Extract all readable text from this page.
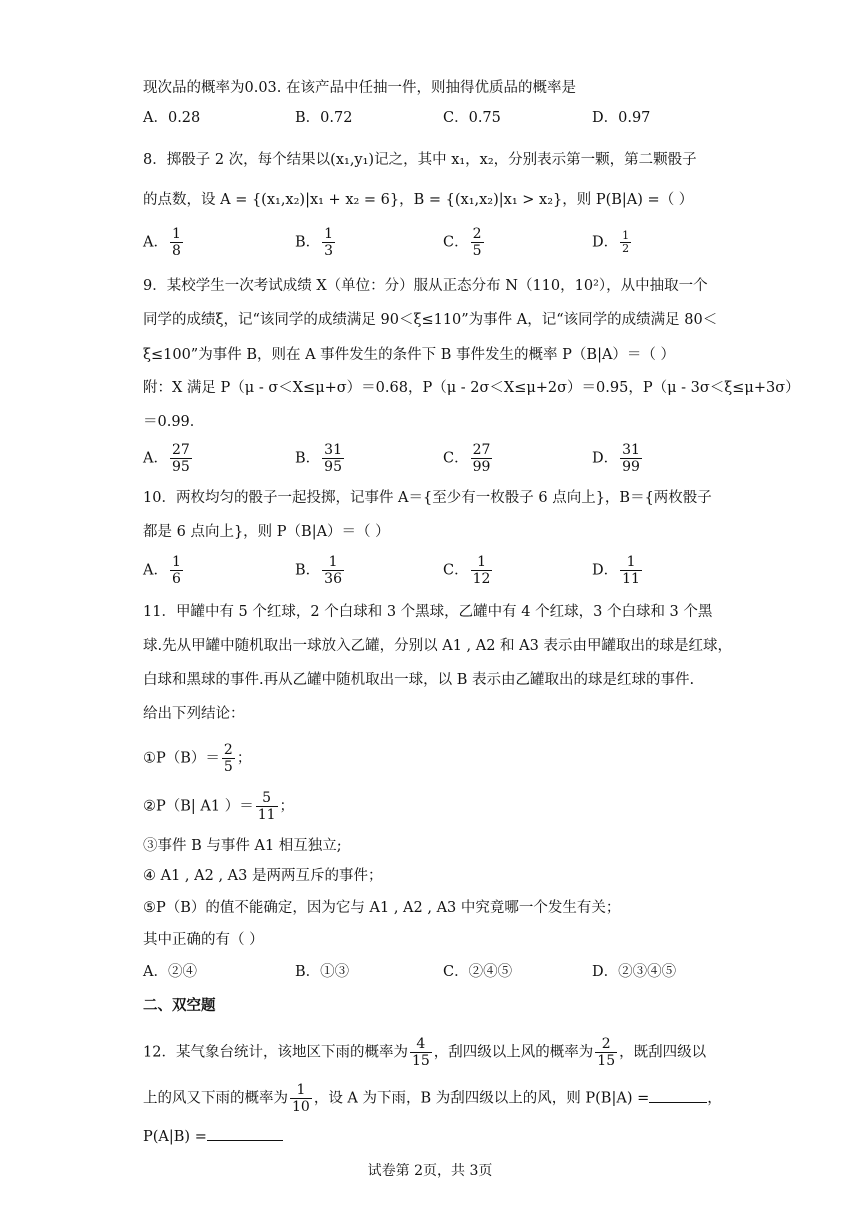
现次品的概率为0.03. 在该产品中任抽一件，则抽得优质品的概率是
A．0.28	B．0.72	C．0.75	D．0.97
8．掷骰子 2 次，每个结果以(x₁,y₁)记之，其中 x₁，x₂，分别表示第一颗，第二颗骰子
的点数，设 A = {(x₁,x₂)|x₁ + x₂ = 6}，B = {(x₁,x₂)|x₁ > x₂}，则 P(B|A) =（ ）
A． $\frac{1}{8}$	B． $\frac{1}{3}$	C． $\frac{2}{5}$	D． $\frac{1}{2}$
9．某校学生一次考试成绩 X（单位：分）服从正态分布 N（110，10²），从中抽取一个
同学的成绩ξ，记“该同学的成绩满足 90＜ξ≤110”为事件 A，记“该同学的成绩满足 80＜
ξ≤100”为事件 B，则在 A 事件发生的条件下 B 事件发生的概率 P（B|A）＝（ ）
附：X 满足 P（μ - σ＜X≤μ+σ）＝0.68，P（μ - 2σ＜X≤μ+2σ）＝0.95，P（μ - 3σ＜ξ≤μ+3σ）
＝0.99．
A． $\frac{27}{95}$	B． $\frac{31}{95}$	C． $\frac{27}{99}$	D． $\frac{31}{99}$
10．两枚均匀的骰子一起投掷，记事件 A＝{至少有一枚骰子 6 点向上}，B＝{两枚骰子
都是 6 点向上}，则 P（B|A）＝（ ）
A． $\frac{1}{6}$	B． $\frac{1}{36}$	C． $\frac{1}{12}$	D． $\frac{1}{11}$
11．甲罐中有 5 个红球，2 个白球和 3 个黑球，乙罐中有 4 个红球，3 个白球和 3 个黑
球.先从甲罐中随机取出一球放入乙罐，分别以 A1 , A2 和 A3 表示由甲罐取出的球是红球，
白球和黑球的事件.再从乙罐中随机取出一球，以 B 表示由乙罐取出的球是红球的事件.
给出下列结论：
①P（B）＝ $\frac{2}{5}$ ；
②P（B| A1 ）＝ $\frac{5}{11}$ ；
③事件 B 与事件 A1 相互独立;
④ A1 , A2 , A3 是两两互斥的事件；
⑤P（B）的值不能确定，因为它与 A1 , A2 , A3 中究竟哪一个发生有关；
其中正确的有（ ）
A．②④	B．①③	C．②④⑤	D．②③④⑤
二、双空题
12．某气象台统计，该地区下雨的概率为 $\frac{4}{15}$ ，刮四级以上风的概率为 $\frac{2}{15}$ ，既刮四级以
上的风又下雨的概率为 $\frac{1}{10}$ ，设 A 为下雨，B 为刮四级以上的风，则 P(B|A) =	，
P(A|B) =
试卷第 2页，共 3页
